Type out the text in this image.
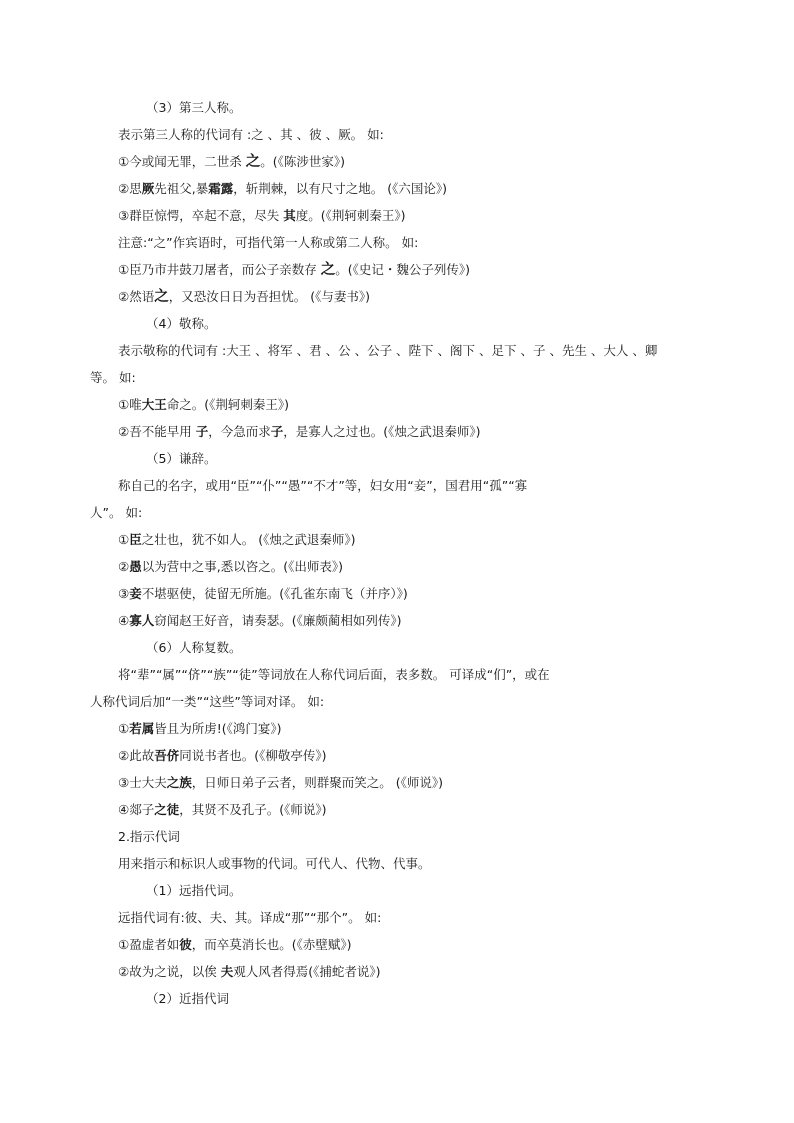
（3）第三人称。

表示第三人称的代词有 :之 、其 、彼 、厥。 如:

①今或闻无罪，二世杀 之。(《陈涉世家》)

②思厥先祖父,暴霜露，斩荆棘，以有尺寸之地。 (《六国论》)

③群臣惊愕，卒起不意，尽失 其度。(《荆轲刺秦王》)

注意:“之”作宾语时，可指代第一人称或第二人称。 如:

①臣乃市井鼓刀屠者，而公子亲数存 之。(《史记・魏公子列传》)

②然语之，又恐汝日日为吾担忧。 (《与妻书》)

（4）敬称。

表示敬称的代词有 :大王 、将军 、君 、公 、公子 、陛下 、阁下 、足下 、子 、先生 、大人 、卿

等。 如:

①唯大王命之。(《荆轲刺秦王》)

②吾不能早用 子，今急而求子，是寡人之过也。(《烛之武退秦师》)

（5）谦辞。

称自己的名字，或用“臣”“仆”“愚”“不才”等，妇女用“妾”，国君用“孤”“寡

人”。 如:

①臣之壮也，犹不如人。 (《烛之武退秦师》)

②愚以为营中之事,悉以咨之。(《出师表》)

③妾不堪驱使，徒留无所施。(《孔雀东南飞（并序）》)

④寡人窃闻赵王好音，请奏瑟。(《廉颇蔺相如列传》)

（6）人称复数。

将“辈”“属”“侪”“族”“徒”等词放在人称代词后面，表多数。 可译成“们”，或在

人称代词后加“一类”“这些”等词对译。 如:

①若属皆且为所虏!(《鸿门宴》)

②此故吾侪同说书者也。(《柳敬亭传》)

③士大夫之族，日师日弟子云者，则群聚而笑之。 (《师说》)

④郯子之徒，其贤不及孔子。(《师说》)

2.指示代词

用来指示和标识人或事物的代词。可代人、代物、代事。

（1）远指代词。

远指代词有:彼、夫、其。译成“那”“那个”。 如:

①盈虚者如彼，而卒莫消长也。(《赤壁赋》)

②故为之说，以俟 夫观人风者得焉(《捕蛇者说》)

（2）近指代词
